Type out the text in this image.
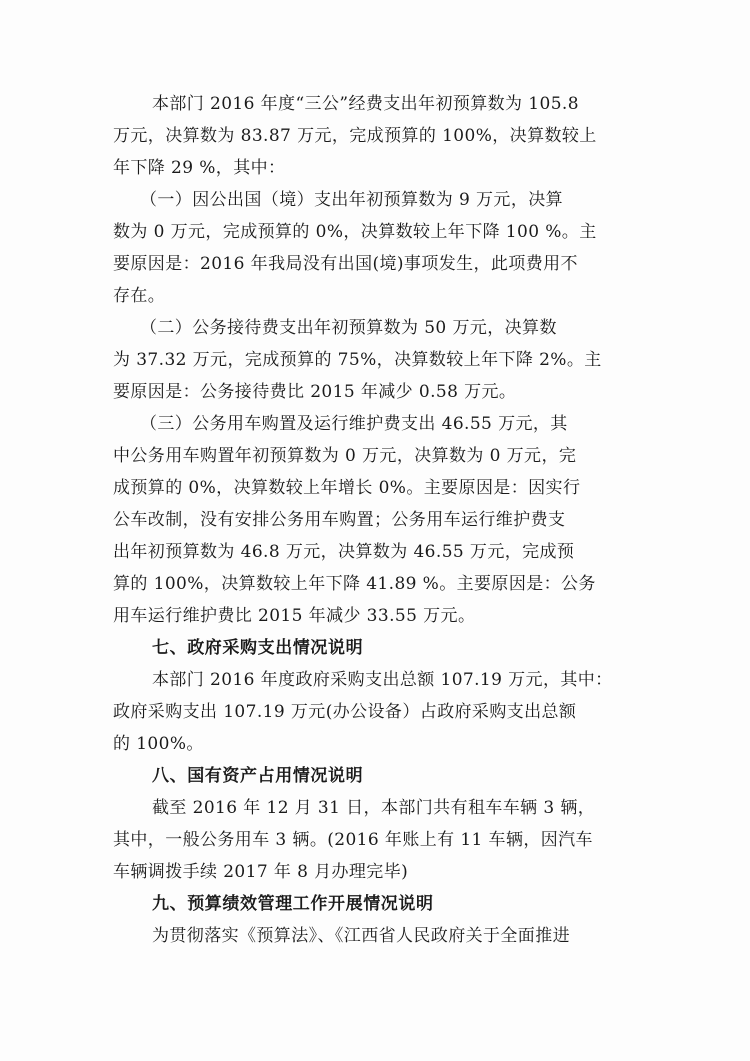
本部门 2016 年度“三公”经费支出年初预算数为 105.8
万元，决算数为 83.87 万元，完成预算的 100%，决算数较上
年下降 29 %，其中：
（一）因公出国（境）支出年初预算数为 9 万元，决算
数为 0 万元，完成预算的 0%，决算数较上年下降 100 %。主
要原因是：2016 年我局没有出国(境)事项发生，此项费用不
存在。
（二）公务接待费支出年初预算数为 50 万元，决算数
为 37.32 万元，完成预算的 75%，决算数较上年下降 2%。主
要原因是：公务接待费比 2015 年减少 0.58 万元。
（三）公务用车购置及运行维护费支出 46.55 万元，其
中公务用车购置年初预算数为 0 万元，决算数为 0 万元，完
成预算的 0%，决算数较上年增长 0%。主要原因是：因实行
公车改制，没有安排公务用车购置；公务用车运行维护费支
出年初预算数为 46.8 万元，决算数为 46.55 万元，完成预
算的 100%，决算数较上年下降 41.89 %。主要原因是：公务
用车运行维护费比 2015 年减少 33.55 万元。
七、政府采购支出情况说明
本部门 2016 年度政府采购支出总额 107.19 万元，其中：
政府采购支出 107.19 万元(办公设备）占政府采购支出总额
的 100%。
八、国有资产占用情况说明
截至 2016 年 12 月 31 日，本部门共有租车车辆 3 辆，
其中，一般公务用车 3 辆。(2016 年账上有 11 车辆，因汽车
车辆调拨手续 2017 年 8 月办理完毕)
九、预算绩效管理工作开展情况说明
为贯彻落实《预算法》、《江西省人民政府关于全面推进
